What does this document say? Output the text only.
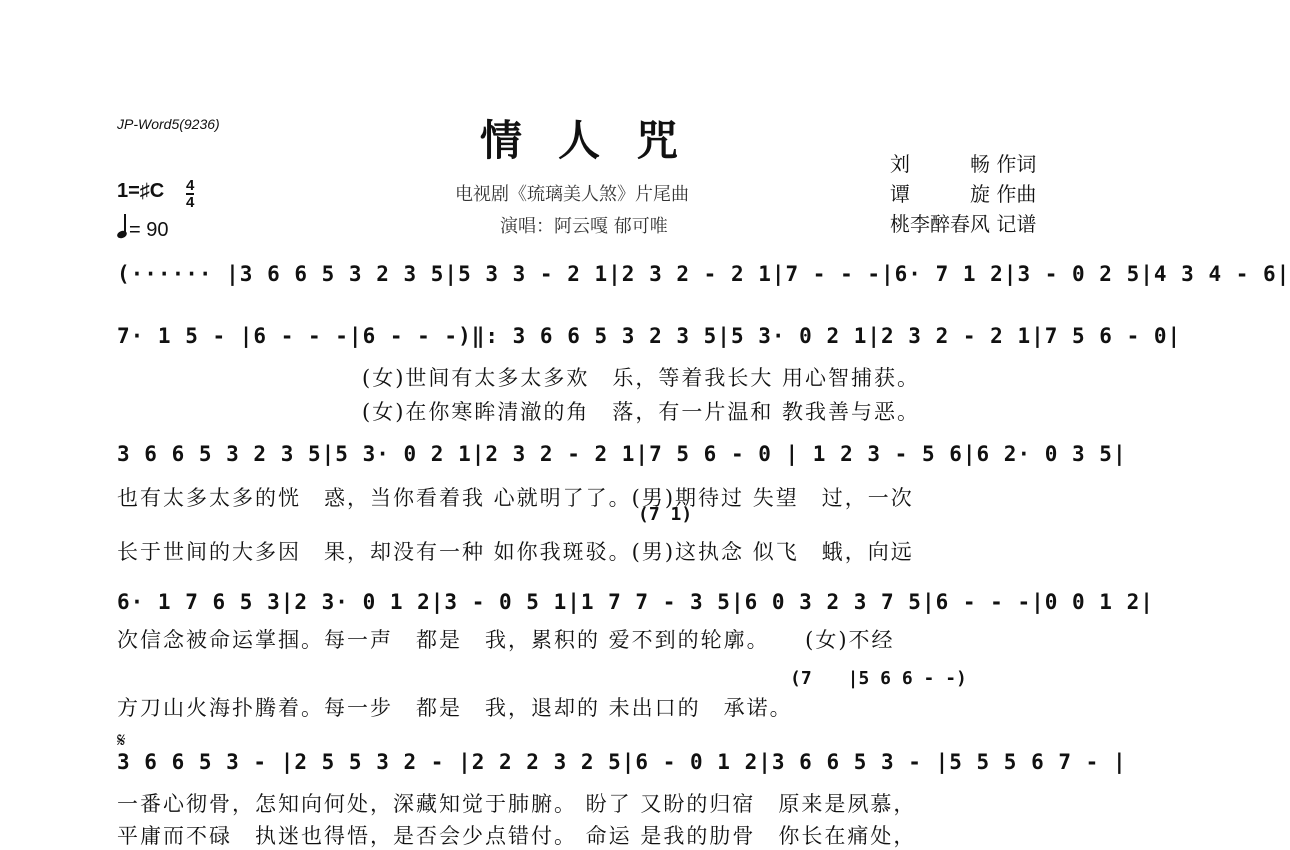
JP-Word5(9236)	情人咒
电视剧《琉璃美人煞》片尾曲
演唱：阿云嘎 郁可唯
刘　　　畅 作词
谭　　　旋 作曲
桃李醉春风 记谱
1=♯C 4
4
= 90
(······ |3 6 6 5 3 2 3 5|5 3 3 - 2 1|2 3 2 - 2 1|7 - - -|6· 7 1 2|3 - 0 2 5|4 3 4 - 6|
7· 1 5 - |6 - - -|6 - - -)‖: 3 6 6 5 3 2 3 5|5 3· 0 2 1|2 3 2 - 2 1|7 5 6 - 0|
(女)世间有太多太多欢　乐，等着我长大 用心智捕获。
(女)在你寒眸清澈的角　落，有一片温和 教我善与恶。
3 6 6 5 3 2 3 5|5 3· 0 2 1|2 3 2 - 2 1|7 5 6 - 0 | 1 2 3 - 5 6|6 2· 0 3 5|
也有太多太多的恍　惑，当你看着我 心就明了了。(男)期待过 失望　过，一次
(7 1)
长于世间的大多因　果，却没有一种 如你我斑驳。(男)这执念 似飞　蛾，向远
6· 1 7 6 5 3|2 3· 0 1 2|3 - 0 5 1|1 7 7 - 3 5|6 0 3 2 3 7 5|6 - - -|0 0 1 2|
次信念被命运掌掴。每一声　都是　我，累积的 爱不到的轮廓。　　(女)不经
(7　　|5 6 6 - -)
方刀山火海扑腾着。每一步　都是　我，退却的 未出口的　承诺。
𝄋
3 6 6 5 3 - |2 5 5 3 2 - |2 2 2 3 2 5|6 - 0 1 2|3 6 6 5 3 - |5 5 5 6 7 - |
一番心彻骨，怎知向何处，深藏知觉于肺腑。 盼了 又盼的归宿　原来是夙慕，
平庸而不碌　执迷也得悟，是否会少点错付。 命运 是我的肋骨　你长在痛处，
